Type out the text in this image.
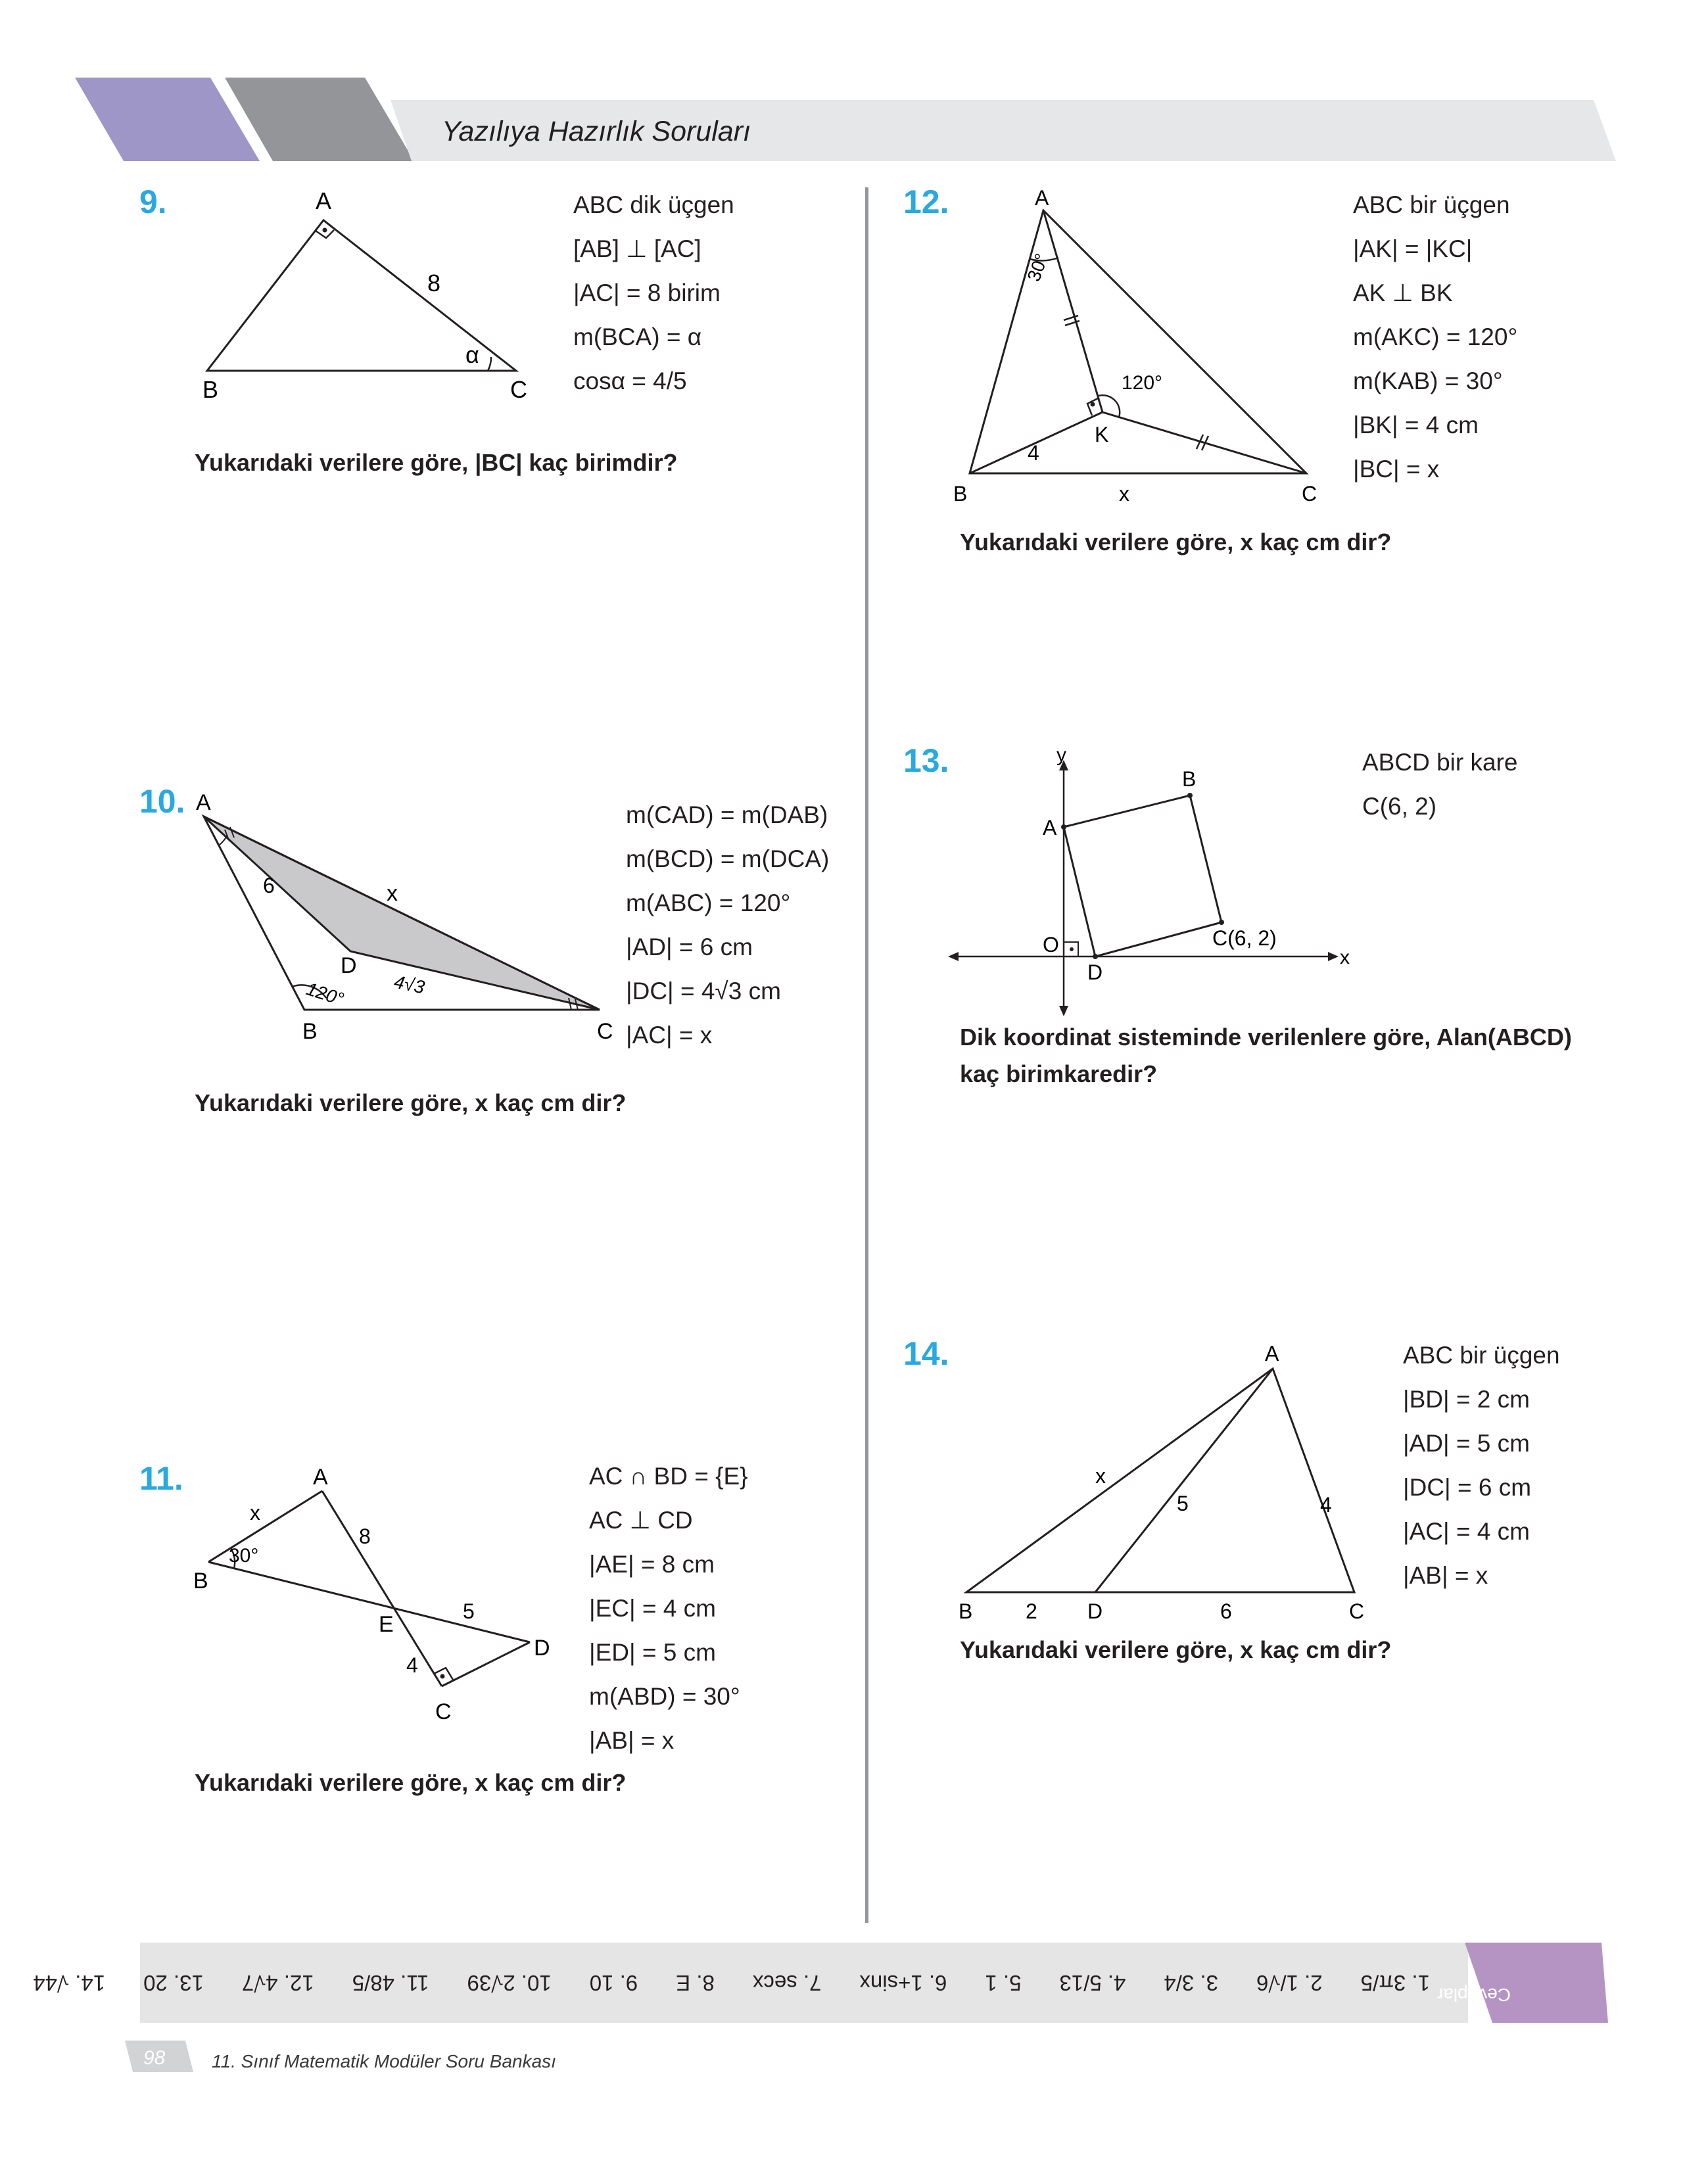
Yazılıya Hazırlık Soruları
9.	A
B	C
8
α
ABC dik üçgen
[AB] ⊥ [AC]
|AC| = 8 birim
m(BCA) = α
cosα = 4/5
Yukarıdaki verilere göre, |BC| kaç birimdir?
10. A
B	C
D
6	x
120° 4√3
m(CAD) = m(DAB)
m(BCD) = m(DCA)
m(ABC) = 120°
|AD| = 6 cm
|DC| = 4√3 cm
|AC| = x
Yukarıdaki verilere göre, x kaç cm dir?
11.	A
B
C
D
E
x
8
5
4
30°
AC ∩ BD = {E}
AC ⊥ CD
|AE| = 8 cm
|EC| = 4 cm
|ED| = 5 cm
m(ABD) = 30°
|AB| = x
Yukarıdaki verilere göre, x kaç cm dir?
12.	A
B	C
K
4
x
30°
120°
ABC bir üçgen
|AK| = |KC|
AK ⊥ BK
m(AKC) = 120°
m(KAB) = 30°
|BK| = 4 cm
|BC| = x
Yukarıdaki verilere göre, x kaç cm dir?
13.	y
x
O
A
B
D
C(6, 2)
ABCD bir kare
C(6, 2)
Dik koordinat sisteminde verilenlere göre, Alan(ABCD)
kaç birimkaredir?
14.	A
B	C
D
x
5	4
2	6
ABC bir üçgen
|BD| = 2 cm
|AD| = 5 cm
|DC| = 6 cm
|AC| = 4 cm
|AB| = x
Yukarıdaki verilere göre, x kaç cm dir?
1. 3π/5
2. 1/√6
3. 3/4
4. 5/13
5. 1
6. 1+sinx
7. secx
8. E
9. 10
10. 2√39
11. 48/5
12. 4√7
13. 20
14. √44	Cevaplar
98	11. Sınıf Matematik Modüler Soru Bankası
